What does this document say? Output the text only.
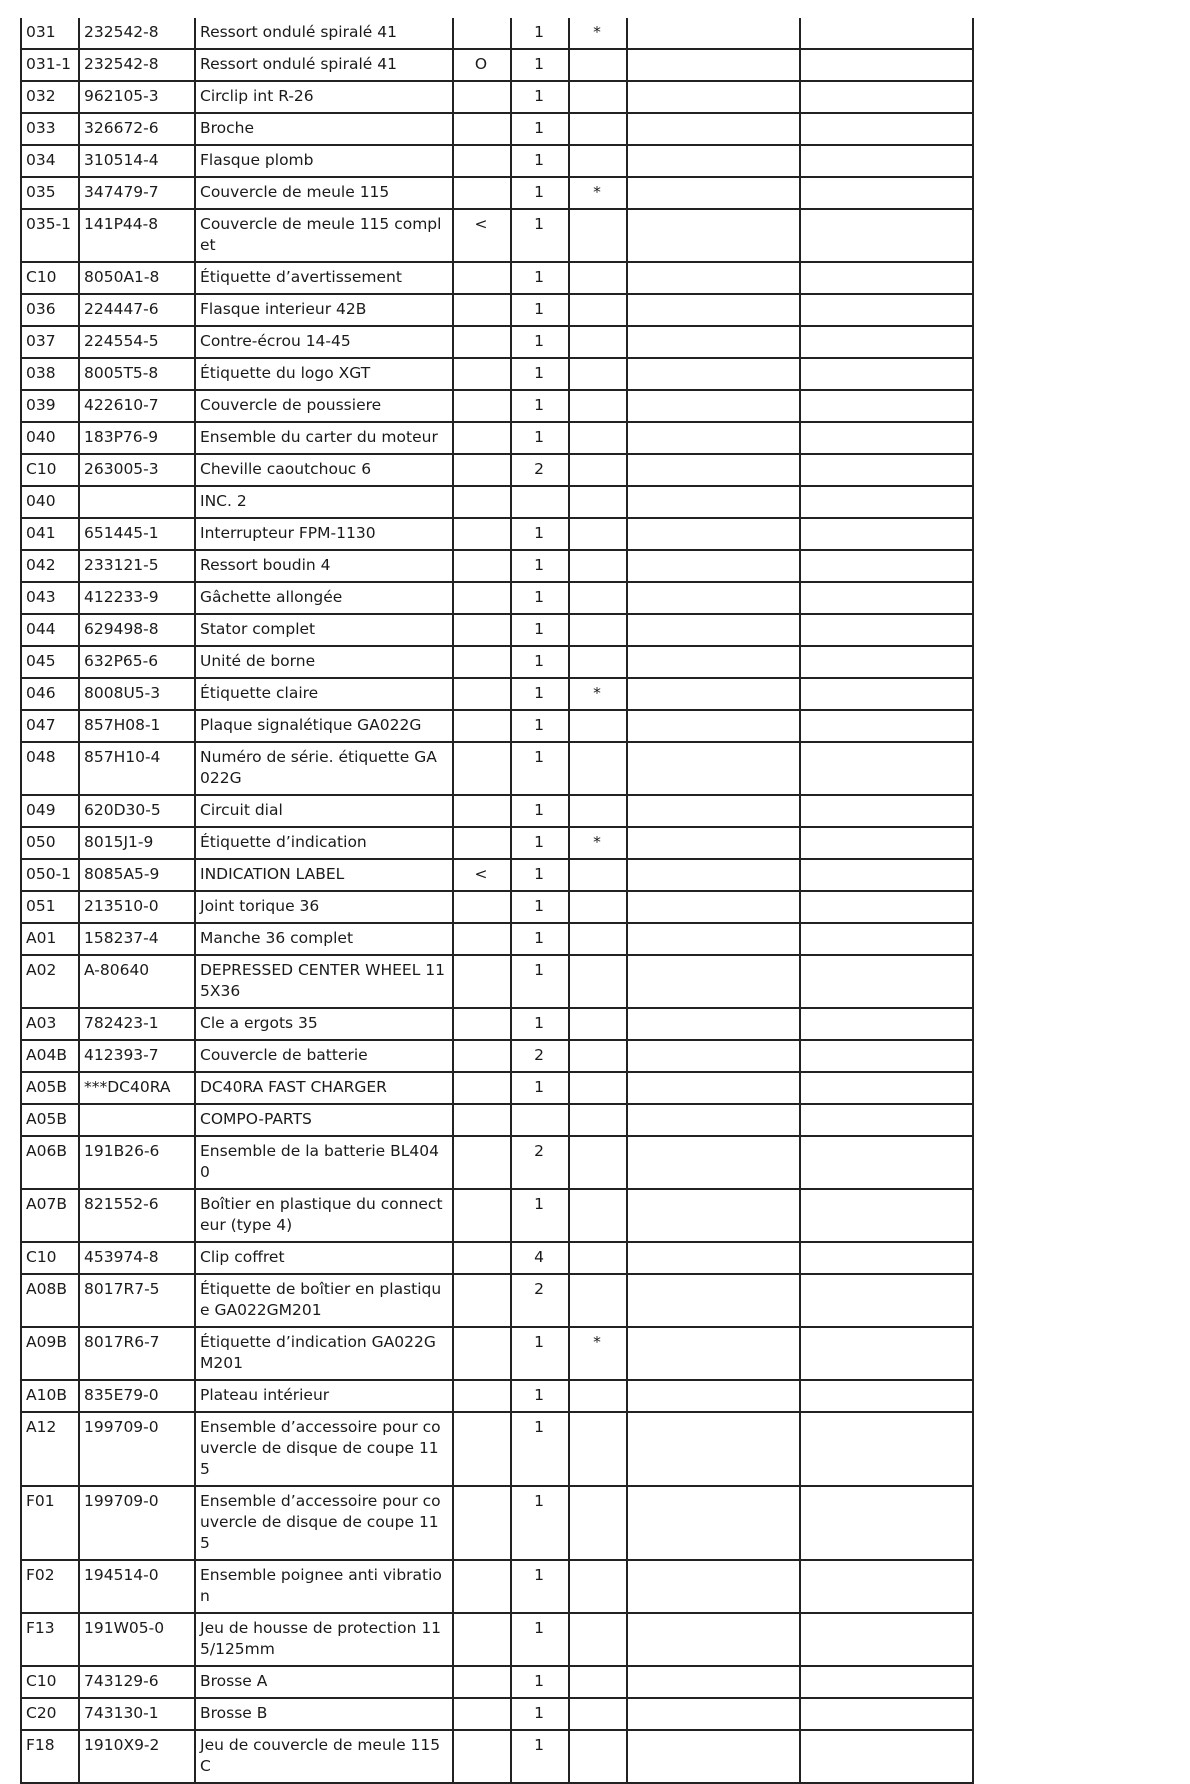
031	232542-8	Ressort ondulé spiralé 41		1	*		
031-1	232542-8	Ressort ondulé spiralé 41	O	1			
032	962105-3	Circlip int R-26		1			
033	326672-6	Broche		1			
034	310514-4	Flasque plomb		1			
035	347479-7	Couvercle de meule 115		1	*		
035-1	141P44-8	Couvercle de meule 115 complet	<	1			
C10	8050A1-8	Étiquette d’avertissement		1			
036	224447-6	Flasque interieur 42B		1			
037	224554-5	Contre-écrou 14-45		1			
038	8005T5-8	Étiquette du logo XGT		1			
039	422610-7	Couvercle de poussiere		1			
040	183P76-9	Ensemble du carter du moteur		1			
C10	263005-3	Cheville caoutchouc 6		2			
040		INC. 2					
041	651445-1	Interrupteur FPM-1130		1			
042	233121-5	Ressort boudin 4		1			
043	412233-9	Gâchette allongée		1			
044	629498-8	Stator complet		1			
045	632P65-6	Unité de borne		1			
046	8008U5-3	Étiquette claire		1	*		
047	857H08-1	Plaque signalétique GA022G		1			
048	857H10-4	Numéro de série. étiquette GA022G		1			
049	620D30-5	Circuit dial		1			
050	8015J1-9	Étiquette d’indication		1	*		
050-1	8085A5-9	INDICATION LABEL	<	1			
051	213510-0	Joint torique 36		1			
A01	158237-4	Manche 36 complet		1			
A02	A-80640	DEPRESSED CENTER WHEEL 115X36		1			
A03	782423-1	Cle a ergots 35		1			
A04B	412393-7	Couvercle de batterie		2			
A05B	***DC40RA	DC40RA FAST CHARGER		1			
A05B		COMPO-PARTS					
A06B	191B26-6	Ensemble de la batterie BL4040		2			
A07B	821552-6	Boîtier en plastique du connecteur (type 4)		1			
C10	453974-8	Clip coffret		4			
A08B	8017R7-5	Étiquette de boîtier en plastique GA022GM201		2			
A09B	8017R6-7	Étiquette d’indication GA022GM201		1	*		
A10B	835E79-0	Plateau intérieur		1			
A12	199709-0	Ensemble d’accessoire pour couvercle de disque de coupe 115		1			
F01	199709-0	Ensemble d’accessoire pour couvercle de disque de coupe 115		1			
F02	194514-0	Ensemble poignee anti vibration		1			
F13	191W05-0	Jeu de housse de protection 115/125mm		1			
C10	743129-6	Brosse A		1			
C20	743130-1	Brosse B		1			
F18	1910X9-2	Jeu de couvercle de meule 115C		1			
